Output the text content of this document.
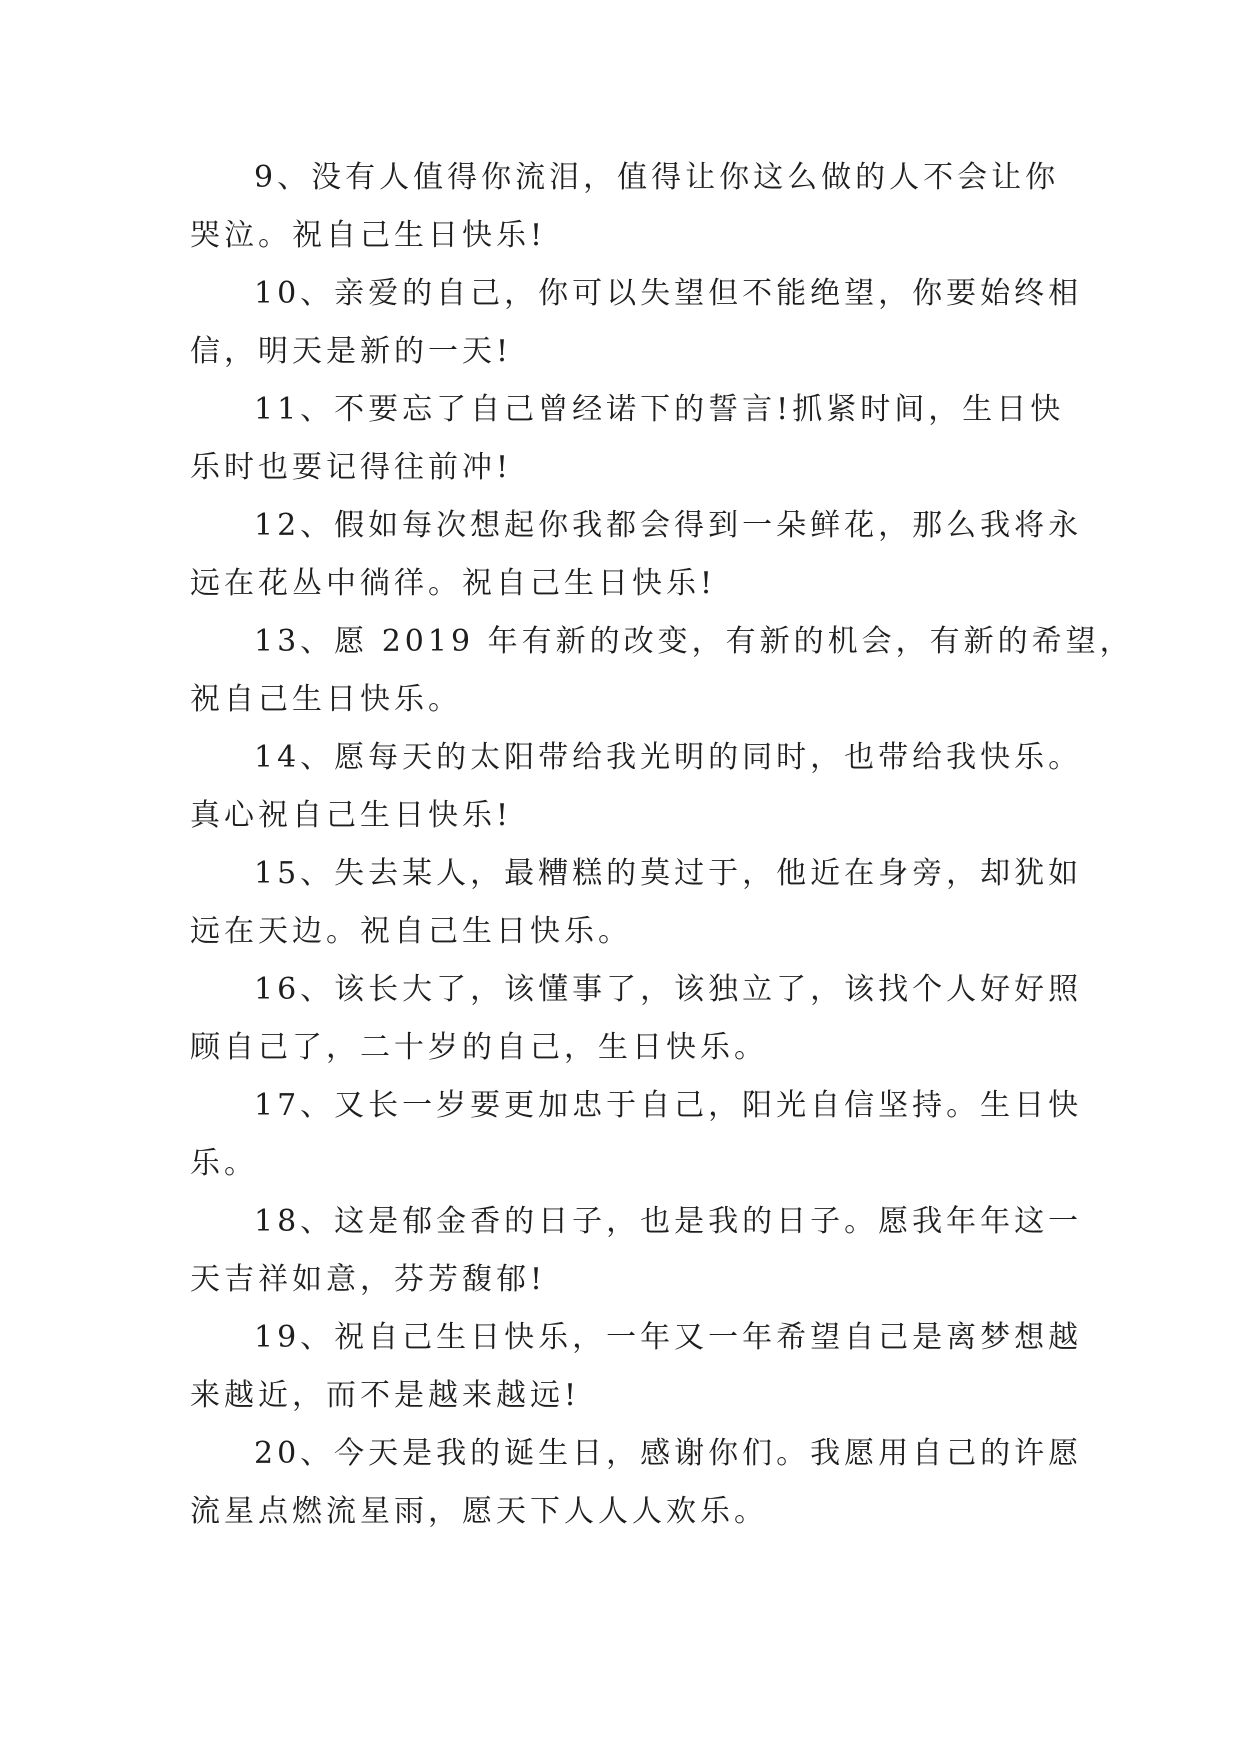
9、没有人值得你流泪，值得让你这么做的人不会让你
哭泣。祝自己生日快乐!
10、亲爱的自己，你可以失望但不能绝望，你要始终相
信，明天是新的一天!
11、不要忘了自己曾经诺下的誓言!抓紧时间，生日快
乐时也要记得往前冲!
12、假如每次想起你我都会得到一朵鲜花，那么我将永
远在花丛中徜徉。祝自己生日快乐!
13、愿 2019 年有新的改变，有新的机会，有新的希望，
祝自己生日快乐。
14、愿每天的太阳带给我光明的同时，也带给我快乐。
真心祝自己生日快乐!
15、失去某人，最糟糕的莫过于，他近在身旁，却犹如
远在天边。祝自己生日快乐。
16、该长大了，该懂事了，该独立了，该找个人好好照
顾自己了，二十岁的自己，生日快乐。
17、又长一岁要更加忠于自己，阳光自信坚持。生日快
乐。
18、这是郁金香的日子，也是我的日子。愿我年年这一
天吉祥如意，芬芳馥郁!
19、祝自己生日快乐，一年又一年希望自己是离梦想越
来越近，而不是越来越远!
20、今天是我的诞生日，感谢你们。我愿用自己的许愿
流星点燃流星雨，愿天下人人人欢乐。
